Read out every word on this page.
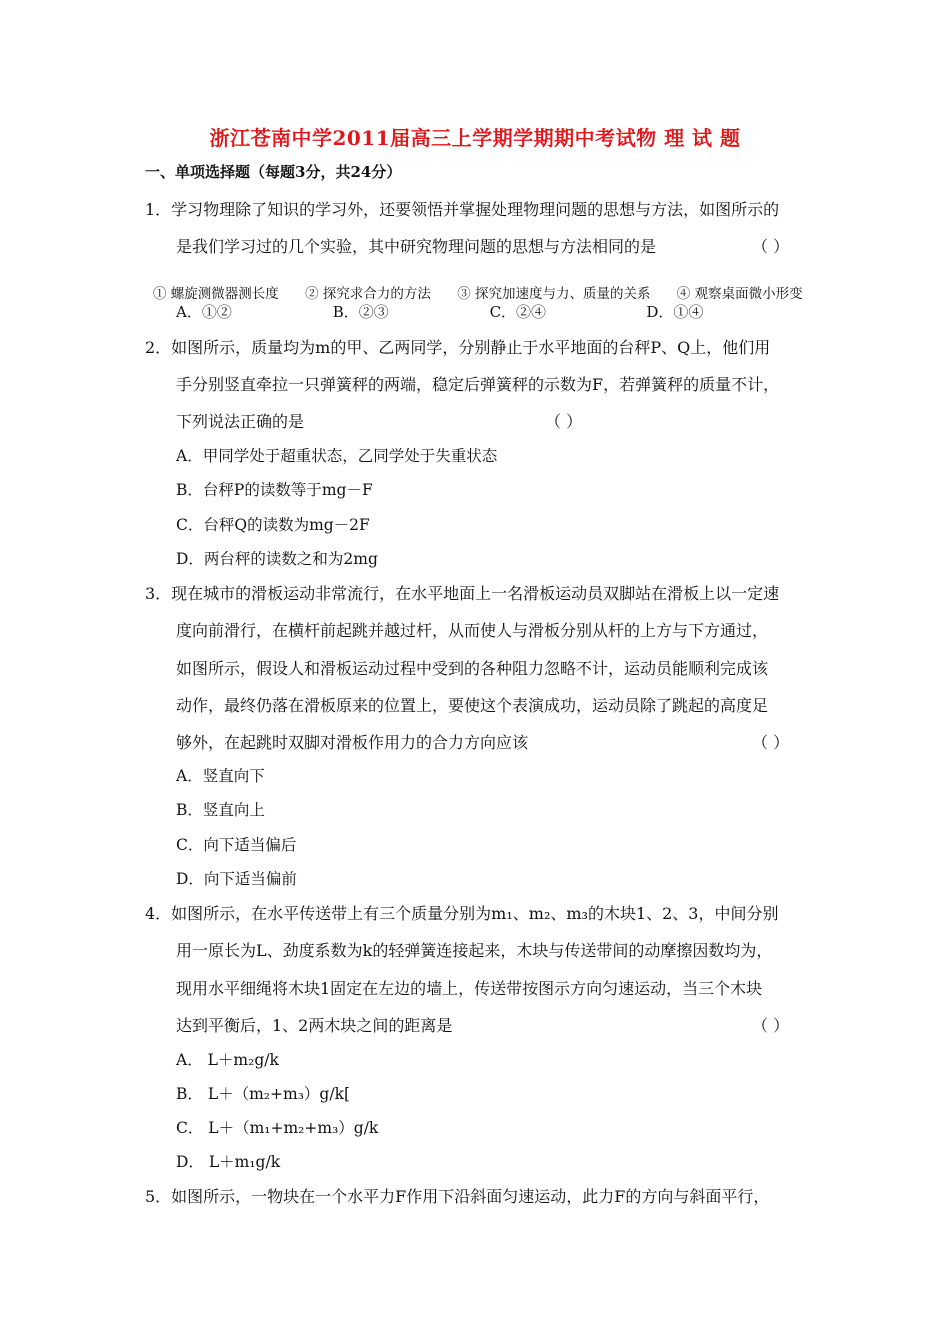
浙江苍南中学2011届高三上学期学期期中考试物 理 试 题
一、单项选择题（每题3分，共24分）
1．学习物理除了知识的学习外，还要领悟并掌握处理物理问题的思想与方法，如图所示的
是我们学习过的几个实验，其中研究物理问题的思想与方法相同的是	（ ）
① 螺旋测微器测长度 ② 探究求合力的方法 ③ 探究加速度与力、质量的关系 ④ 观察桌面微小形变
A．①②	B．②③	C．②④	D．①④
2．如图所示，质量均为m的甲、乙两同学，分别静止于水平地面的台秤P、Q上，他们用
手分别竖直牵拉一只弹簧秤的两端，稳定后弹簧秤的示数为F，若弹簧秤的质量不计，
下列说法正确的是	（ ）
A．甲同学处于超重状态，乙同学处于失重状态
B．台秤P的读数等于mg－F
C．台秤Q的读数为mg－2F
D．两台秤的读数之和为2mg
3．现在城市的滑板运动非常流行，在水平地面上一名滑板运动员双脚站在滑板上以一定速
度向前滑行，在横杆前起跳并越过杆，从而使人与滑板分别从杆的上方与下方通过，
如图所示，假设人和滑板运动过程中受到的各种阻力忽略不计，运动员能顺利完成该
动作，最终仍落在滑板原来的位置上，要使这个表演成功，运动员除了跳起的高度足
够外，在起跳时双脚对滑板作用力的合力方向应该	（ ）
A．竖直向下
B．竖直向上
C．向下适当偏后
D．向下适当偏前
4．如图所示，在水平传送带上有三个质量分别为m₁、m₂、m₃的木块1、2、3，中间分别
用一原长为L、劲度系数为k的轻弹簧连接起来，木块与传送带间的动摩擦因数均为，
现用水平细绳将木块1固定在左边的墙上，传送带按图示方向匀速运动，当三个木块
达到平衡后，1、2两木块之间的距离是	（ ）
A． L＋m₂g/k
B． L＋（m₂+m₃）g/k[
C． L＋（m₁+m₂+m₃）g/k
D． L＋m₁g/k
5．如图所示，一物块在一个水平力F作用下沿斜面匀速运动，此力F的方向与斜面平行，
